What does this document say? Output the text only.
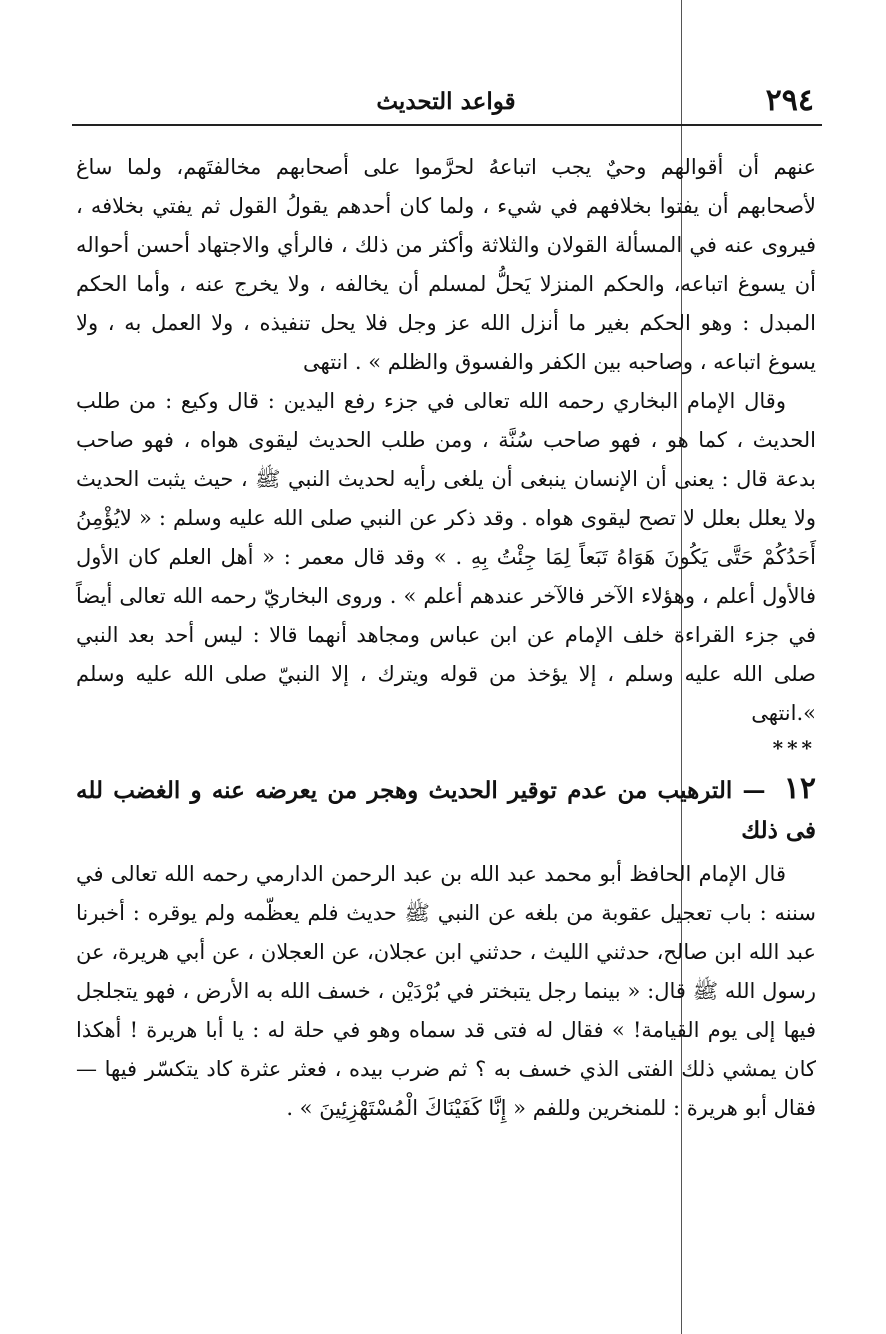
٢٩٤
قواعد التحديث

عنهم أن أقوالهم وحيٌ يجب اتباعهُ لحرَّموا على أصحابهم مخالفتَهم، ولما ساغ لأصحابهم أن يفتوا بخلافهم في شيء ، ولما كان أحدهم يقولُ القول ثم يفتي بخلافه ، فيروى عنه في المسألة القولان والثلاثة وأكثر من ذلك ، فالرأي والاجتهاد أحسن أحواله أن يسوغ اتباعه، والحكم المنزلا يَحلُّ لمسلم أن يخالفه ، ولا يخرج عنه ، وأما الحكم المبدل : وهو الحكم بغير ما أنزل الله عز وجل فلا يحل تنفيذه ، ولا العمل به ، ولا يسوغ اتباعه ، وصاحبه بين الكفر والفسوق والظلم » . انتهى

وقال الإمام البخاري رحمه الله تعالى في جزء رفع اليدين : قال وكيع : من طلب الحديث ، كما هو ، فهو صاحب سُنَّة ، ومن طلب الحديث ليقوى هواه ، فهو صاحب بدعة قال : يعنى أن الإنسان ينبغى أن يلغى رأيه لحديث النبي ﷺ ، حيث يثبت الحديث ولا يعلل بعلل لا تصح ليقوى هواه . وقد ذكر عن النبي صلى الله عليه وسلم : « لايُؤْمِنُ أَحَدُكُمْ حَتَّى يَكُونَ هَوَاهُ تَبَعاً لِمَا جِئْتُ بِهِ . » وقد قال معمر : « أهل العلم كان الأول فالأول أعلم ، وهؤلاء الآخر فالآخر عندهم أعلم » . وروى البخاريّ رحمه الله تعالى أيضاً في جزء القراءة خلف الإمام عن ابن عباس ومجاهد أنهما قالا : ليس أحد بعد النبي صلى الله عليه وسلم ، إلا يؤخذ من قوله ويترك ، إلا النبيّ صلى الله عليه وسلم ».انتهى

***

١٢ — الترهيب من عدم توقير الحديث وهجر من يعرضه عنه و الغضب لله فى ذلك

قال الإمام الحافظ أبو محمد عبد الله بن عبد الرحمن الدارمي رحمه الله تعالى في سننه : باب تعجيل عقوبة من بلغه عن النبي ﷺ حديث فلم يعظّمه ولم يوقره : أخبرنا عبد الله ابن صالح، حدثني الليث ، حدثني ابن عجلان، عن العجلان ، عن أبي هريرة، عن رسول الله ﷺ قال: « بينما رجل يتبختر في بُرْدَيْن ، خسف الله به الأرض ، فهو يتجلجل فيها إلى يوم القيامة! » فقال له فتى قد سماه وهو في حلة له : يا أبا هريرة ! أهكذا كان يمشي ذلك الفتى الذي خسف به ؟ ثم ضرب بيده ، فعثر عثرة كاد يتكسّر فيها — فقال أبو هريرة : للمنخرين وللفم « إِنَّا كَفَيْنَاكَ الْمُسْتَهْزِئِينَ » .
